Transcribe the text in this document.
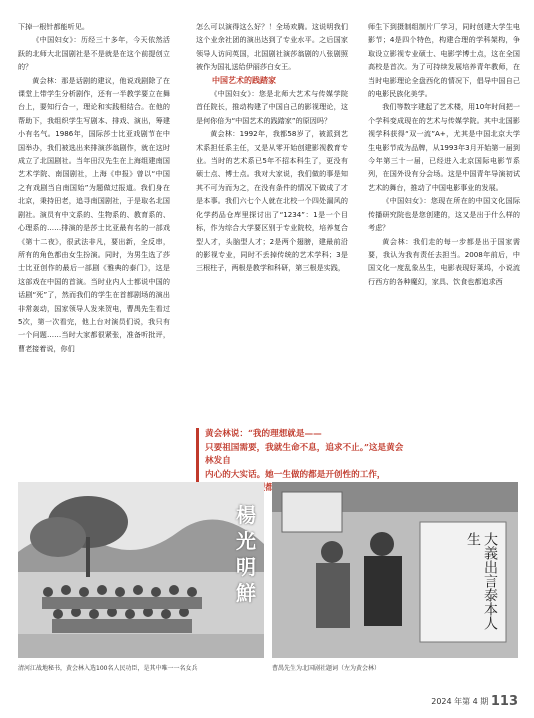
下掉一根针都能听见。

《中国妇女》：历经三十多年，今天依然活跃的北师大北国剧社是不是就是在这个前提创立的？

黄会林：那是话剧的建议，他说戏剧除了在课堂上带学生分析剧作，还有一半教学要立在舞台上，要知行合一，理论和实践相结合。在他的帮助下，我组织学生写剧本、排戏、演出，筹建小有名气。1986年，国际莎士比亚戏剧节在中国举办，我们被选出来排演莎翁剧作，就在这时成立了北国剧社。当年田汉先生在上海组建南国艺术学院、南国剧社，上海《申报》曾以“中国之有戏剧当自南国始”为题做过报道。我们身在北京，秉持田老，追寻南国剧社，于是取名北国剧社。演员有中文系的、生物系的、教育系的、心理系的……排演的是莎士比亚最有名的一部戏《第十二夜》，很武法非凡，要出新，全反串，所有的角色都由女生扮演。同时，为男生选了莎士比亚创作的最后一部剧《雅典的泰门》，这是这部戏在中国的首演。当时业内人士都说中国的话剧“死”了，然而我们的学生在首都剧场的演出非常轰动，国家领导人发来贺电，曹禺先生看过5次，第一次看完，他上台对演员们说，我只有一个问题……当时大家都很紧张，准备听批评，曹老接着说，你们

怎么可以演得这么好？！全场欢腾。这说明我们这个业余社团的演出达到了专业水平。之后国家领导人访问英国，北国剧社演莎翁剧的八张剧照被作为国礼送给伊丽莎白女王。

中国艺术的践踏家

《中国妇女》：您是北师大艺术与传媒学院首任院长，推动构建了中国自己的影视理论，这是何你倍为“中国艺术的践踏家”的原因吗？

黄会林：1992年，我都58岁了，被派到艺术系担任系主任，又是从零开始创建影视教育专业。当时的艺术系已5年不招本科生了，更没有硕士点、博士点。我对大家说，我们做的事是知其不可为而为之，在没有条件的情况下做成了才是本事。我们六七个人就在北校一个四处漏风的化学药品仓库里探讨出了“1234”：1是一个目标，作为综合大学要区别于专业院校，培养复合型人才，头脑型人才；2是两个翅膀，建最前沿的影视专业，同时不丢掉传统的艺术学科；3是三根柱子，两根是教学和科研，第三根是实践，

师生下到摄制组制片厂学习，同时创建大学生电影节；4是四个特色，构建合理的学科架构，争取设立影视专业硕士、电影学博士点，这在全国高校是首次。为了可持续发展培养青年教师，在当时电影理论全盘西化的情况下，倡导中国自己的电影民族化美学。

我们等数字建起了艺术楼，用10年时间把一个学科变成现在的艺术与传媒学院。其中北国影视学科获得“双一流”A+，尤其是中国北京大学生电影节成为品牌，从1993年3月开始第一届到今年第三十一届，已经进入北京国际电影节系列，在国外设有分会场。这是中国青年导演初试艺术的舞台，推动了中国电影事业的发展。

《中国妇女》：您现在所在的中国文化国际传播研究院也是您创建的，这又是出于什么样的考虑？

黄会林：我们走的每一步都是出于国家需要，我认为我有责任去担当。2008年前后，中国文化一度乱象丛生，电影表现好莱坞，小说流行西方的各种魔幻，家具、饮食也都追求西

黄会林说：“我的理想就是——
只要祖国需要，我就生命不息，追求不止。”这是黄会林发自
内心的大实话。她一生做的都是开创性的工作，
楊光明鮮	大義出言泰本人生
清河江战地秘书，黄会林入选100名人民功臣，是其中唯一一名女兵	曹禺先生为北国剧社题词（左为黄会林）
2024 年第 4 期 113
